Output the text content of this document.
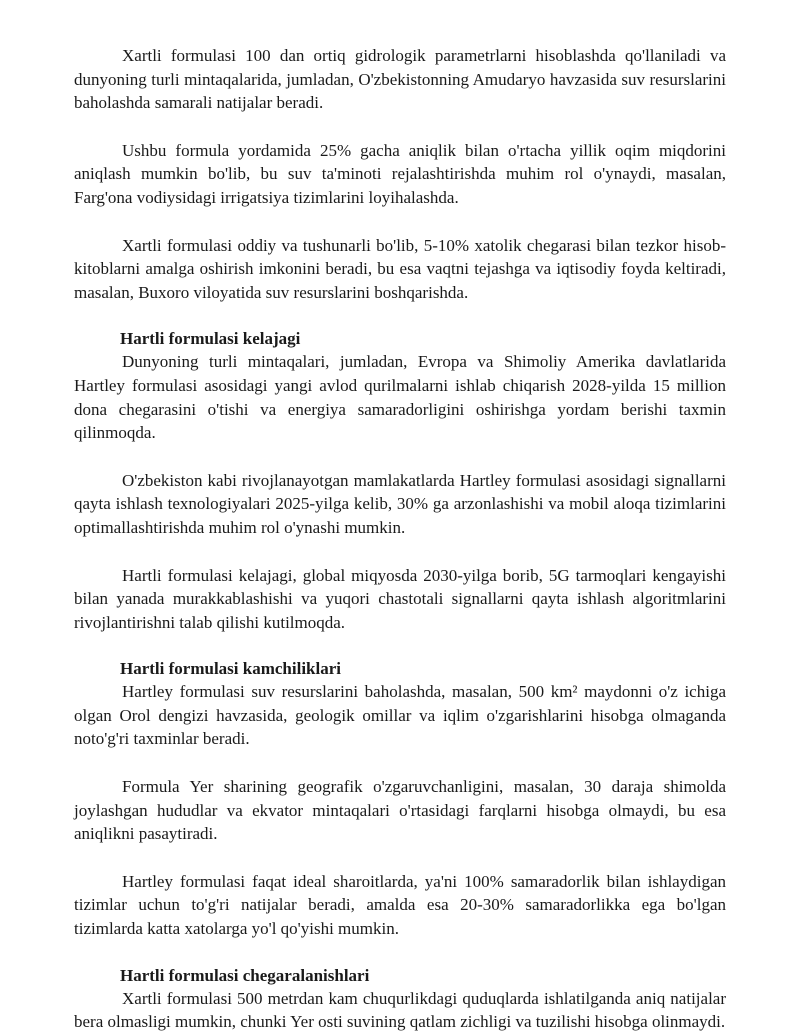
Xartli formulasi 100 dan ortiq gidrologik parametrlarni hisoblashda qo'llaniladi va dunyoning turli mintaqalarida, jumladan, O'zbekistonning Amudaryo havzasida suv resurslarini baholashda samarali natijalar beradi.

Ushbu formula yordamida 25% gacha aniqlik bilan o'rtacha yillik oqim miqdorini aniqlash mumkin bo'lib, bu suv ta'minoti rejalashtirishda muhim rol o'ynaydi, masalan, Farg'ona vodiysidagi irrigatsiya tizimlarini loyihalashda.

Xartli formulasi oddiy va tushunarli bo'lib, 5-10% xatolik chegarasi bilan tezkor hisob-kitoblarni amalga oshirish imkonini beradi, bu esa vaqtni tejashga va iqtisodiy foyda keltiradi, masalan, Buxoro viloyatida suv resurslarini boshqarishda.

Hartli formulasi kelajagi

Dunyoning turli mintaqalari, jumladan, Evropa va Shimoliy Amerika davlatlarida Hartley formulasi asosidagi yangi avlod qurilmalarni ishlab chiqarish 2028-yilda 15 million dona chegarasini o'tishi va energiya samaradorligini oshirishga yordam berishi taxmin qilinmoqda.

O'zbekiston kabi rivojlanayotgan mamlakatlarda Hartley formulasi asosidagi signallarni qayta ishlash texnologiyalari 2025-yilga kelib, 30% ga arzonlashishi va mobil aloqa tizimlarini optimallashtirishda muhim rol o'ynashi mumkin.

Hartli formulasi kelajagi, global miqyosda 2030-yilga borib, 5G tarmoqlari kengayishi bilan yanada murakkablashishi va yuqori chastotali signallarni qayta ishlash algoritmlarini rivojlantirishni talab qilishi kutilmoqda.

Hartli formulasi kamchiliklari

Hartley formulasi suv resurslarini baholashda, masalan, 500 km² maydonni o'z ichiga olgan Orol dengizi havzasida, geologik omillar va iqlim o'zgarishlarini hisobga olmaganda noto'g'ri taxminlar beradi.

Formula Yer sharining geografik o'zgaruvchanligini, masalan, 30 daraja shimolda joylashgan hududlar va ekvator mintaqalari o'rtasidagi farqlarni hisobga olmaydi, bu esa aniqlikni pasaytiradi.

Hartley formulasi faqat ideal sharoitlarda, ya'ni 100% samaradorlik bilan ishlaydigan tizimlar uchun to'g'ri natijalar beradi, amalda esa 20-30% samaradorlikka ega bo'lgan tizimlarda katta xatolarga yo'l qo'yishi mumkin.

Hartli formulasi chegaralanishlari

Xartli formulasi 500 metrdan kam chuqurlikdagi quduqlarda ishlatilganda aniq natijalar bera olmasligi mumkin, chunki Yer osti suvining qatlam zichligi va tuzilishi hisobga olinmaydi.
